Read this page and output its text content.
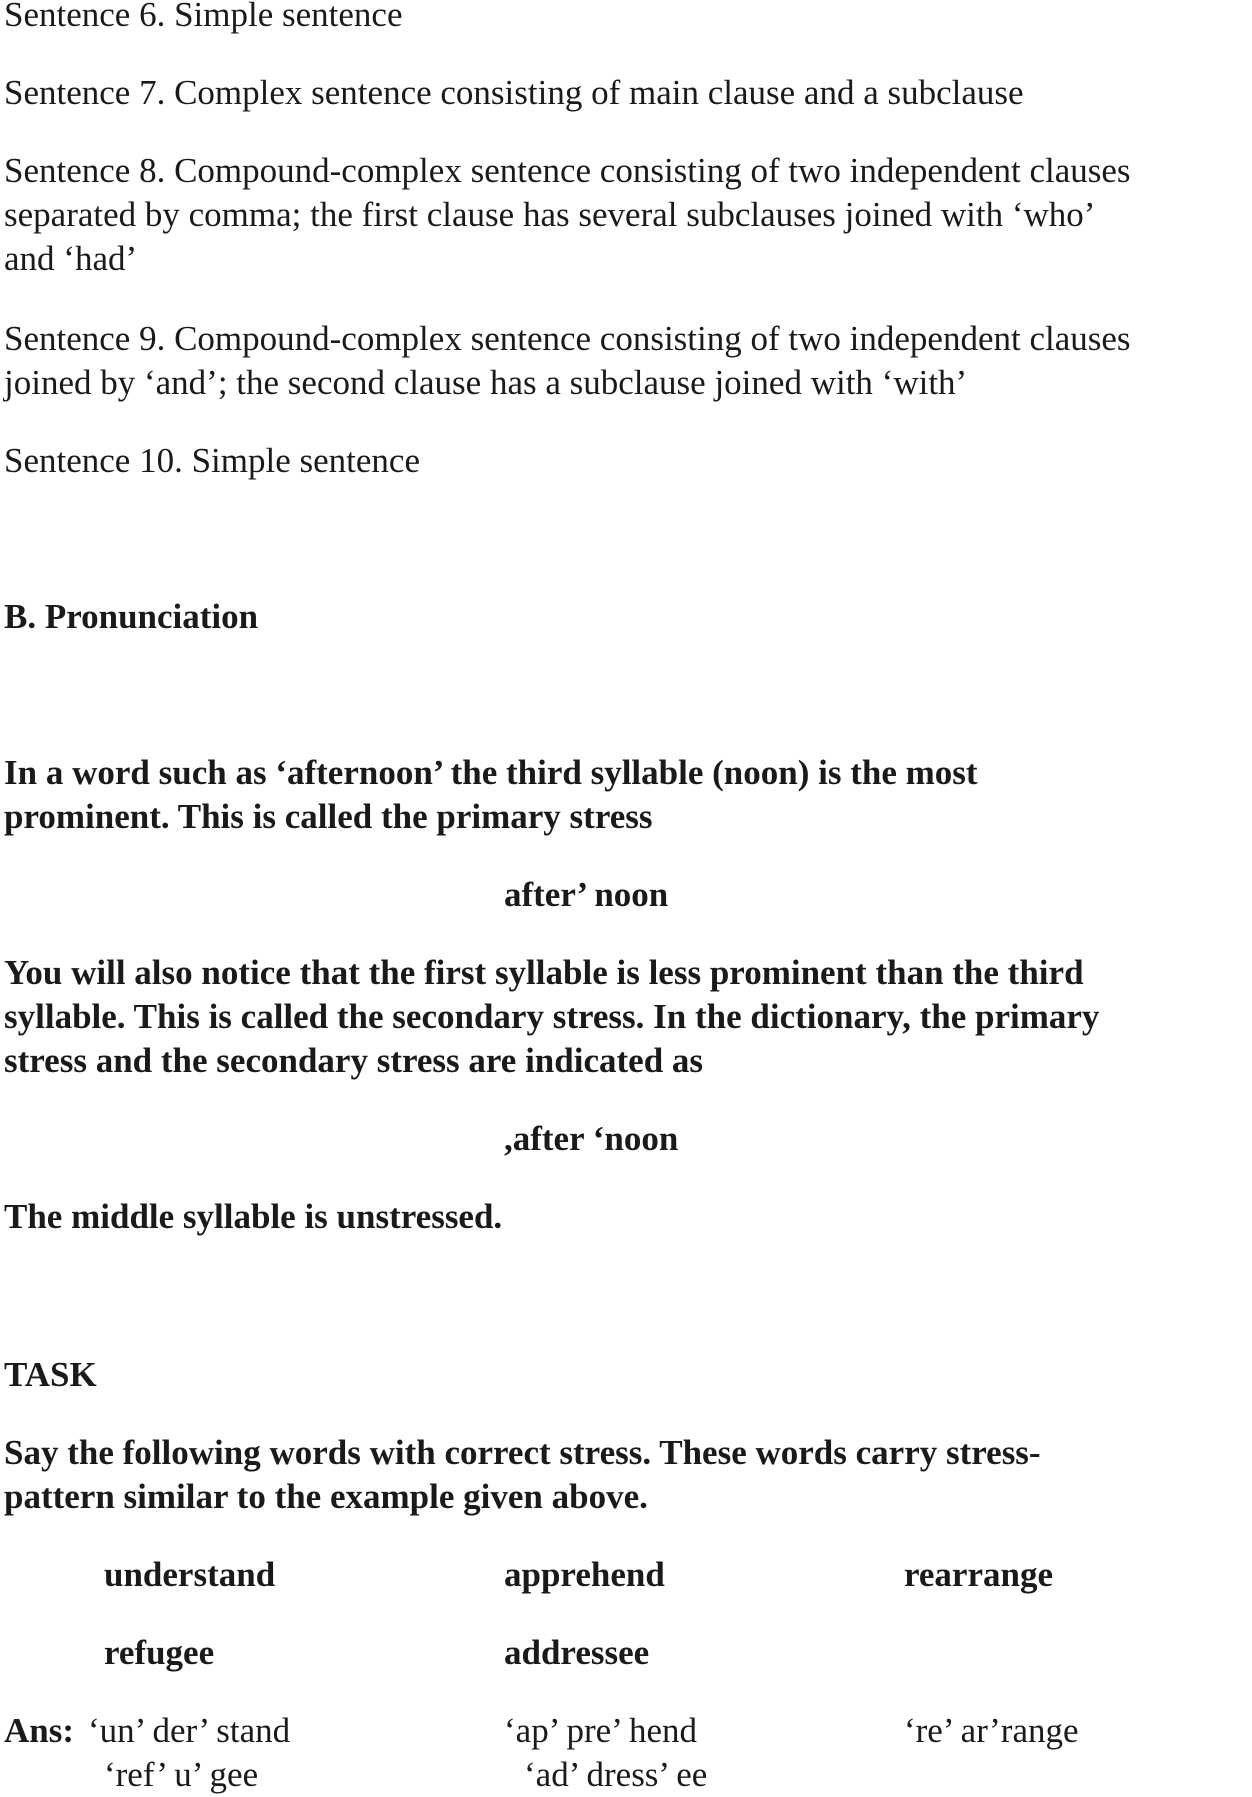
Sentence 6. Simple sentence

Sentence 7. Complex sentence consisting of main clause and a subclause

Sentence 8. Compound-complex sentence consisting of two independent clauses

separated by comma; the first clause has several subclauses joined with ‘who’

and ‘had’

Sentence 9. Compound-complex sentence consisting of two independent clauses

joined by ‘and’; the second clause has a subclause joined with ‘with’

Sentence 10. Simple sentence

B. Pronunciation

In a word such as ‘afternoon’ the third syllable (noon) is the most

prominent. This is called the primary stress

after’ noon

You will also notice that the first syllable is less prominent than the third

syllable. This is called the secondary stress. In the dictionary, the primary

stress and the secondary stress are indicated as

,after ‘noon

The middle syllable is unstressed.

TASK

Say the following words with correct stress. These words carry stress-

pattern similar to the example given above.

understand	apprehend	rearrange

refugee	addressee

Ans: ‘un’ der’ stand	‘ap’ pre’ hend	‘re’ ar’range

‘ref’ u’ gee	‘ad’ dress’ ee
